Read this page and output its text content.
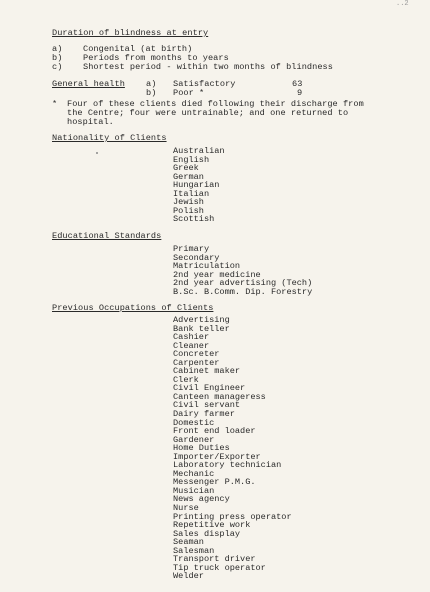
..2
Duration of blindness at entry
a) Congenital (at birth)
b) Periods from months to years
c) Shortest period - within two months of blindness
General health a) Satisfactory	63
b) Poor *	9
* Four of these clients died following their discharge from
the Centre; four were untrainable; and one returned to
hospital.
Nationality of Clients
Australian
English
Greek
German
Hungarian
Italian
Jewish
Polish
Scottish
Educational Standards
Primary
Secondary
Matriculation
2nd year medicine
2nd year advertising (Tech)
B.Sc. B.Comm. Dip. Forestry
Previous Occupations of Clients
Advertising
Bank teller
Cashier
Cleaner
Concreter
Carpenter
Cabinet maker
Clerk
Civil Engineer
Canteen manageress
Civil servant
Dairy farmer
Domestic
Front end loader
Gardener
Home Duties
Importer/Exporter
Laboratory technician
Mechanic
Messenger P.M.G.
Musician
News agency
Nurse
Printing press operator
Repetitive work
Sales display
Seaman
Salesman
Transport driver
Tip truck operator
Welder
